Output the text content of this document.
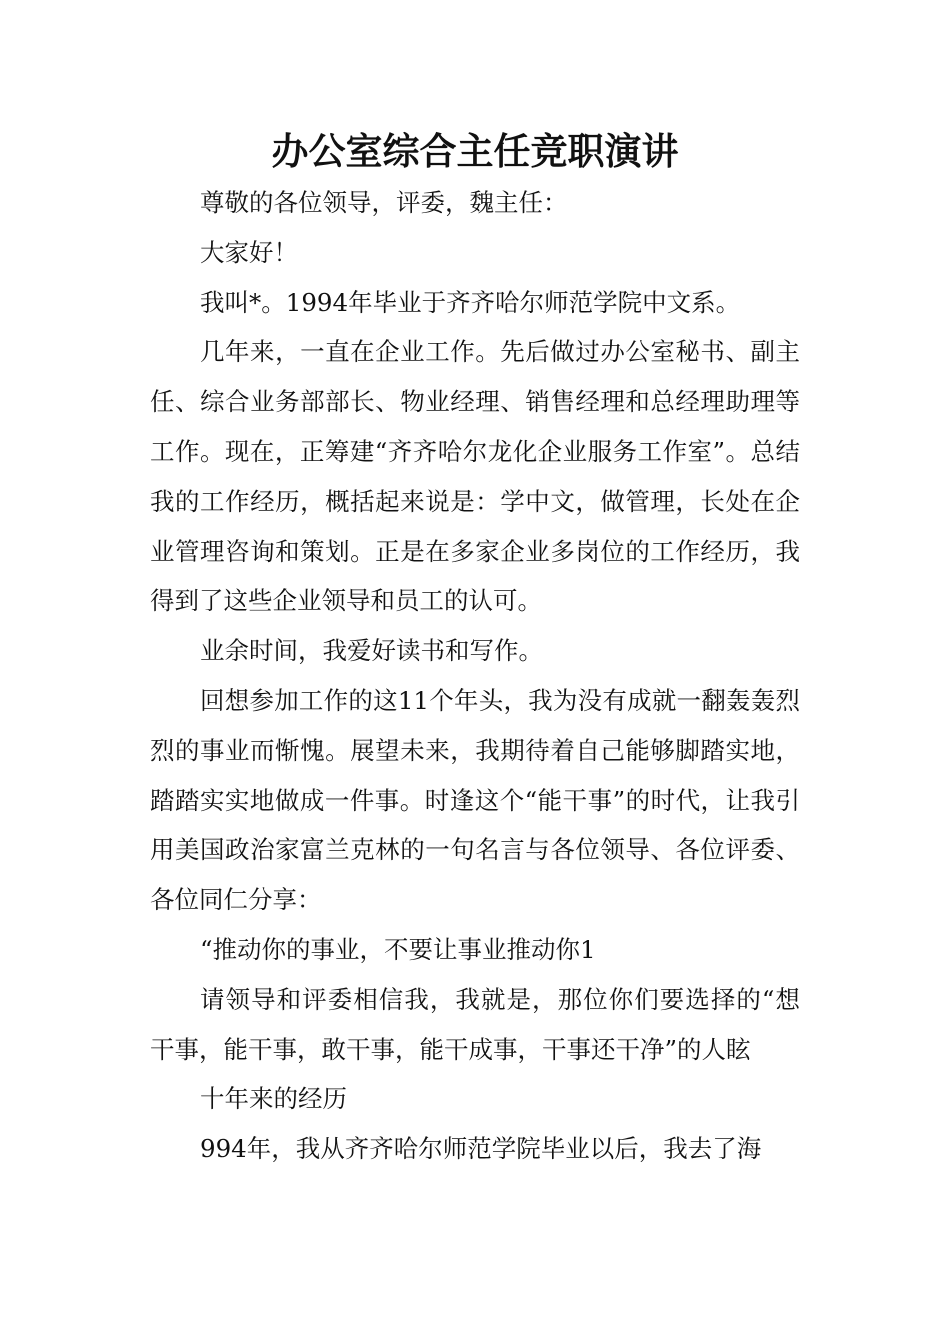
办公室综合主任竞职演讲

尊敬的各位领导，评委，魏主任：

大家好！

我叫*。1994年毕业于齐齐哈尔师范学院中文系。

几年来，一直在企业工作。先后做过办公室秘书、副主任、综合业务部部长、物业经理、销售经理和总经理助理等工作。现在，正筹建“齐齐哈尔龙化企业服务工作室”。总结我的工作经历，概括起来说是：学中文，做管理，长处在企业管理咨询和策划。正是在多家企业多岗位的工作经历，我得到了这些企业领导和员工的认可。

业余时间，我爱好读书和写作。

回想参加工作的这11个年头，我为没有成就一翻轰轰烈烈的事业而惭愧。展望未来，我期待着自己能够脚踏实地，踏踏实实地做成一件事。时逢这个“能干事”的时代，让我引用美国政治家富兰克林的一句名言与各位领导、各位评委、各位同仁分享：

“推动你的事业，不要让事业推动你1

请领导和评委相信我，我就是，那位你们要选择的“想干事，能干事，敢干事，能干成事，干事还干净”的人眩

十年来的经历

994年，我从齐齐哈尔师范学院毕业以后，我去了海
